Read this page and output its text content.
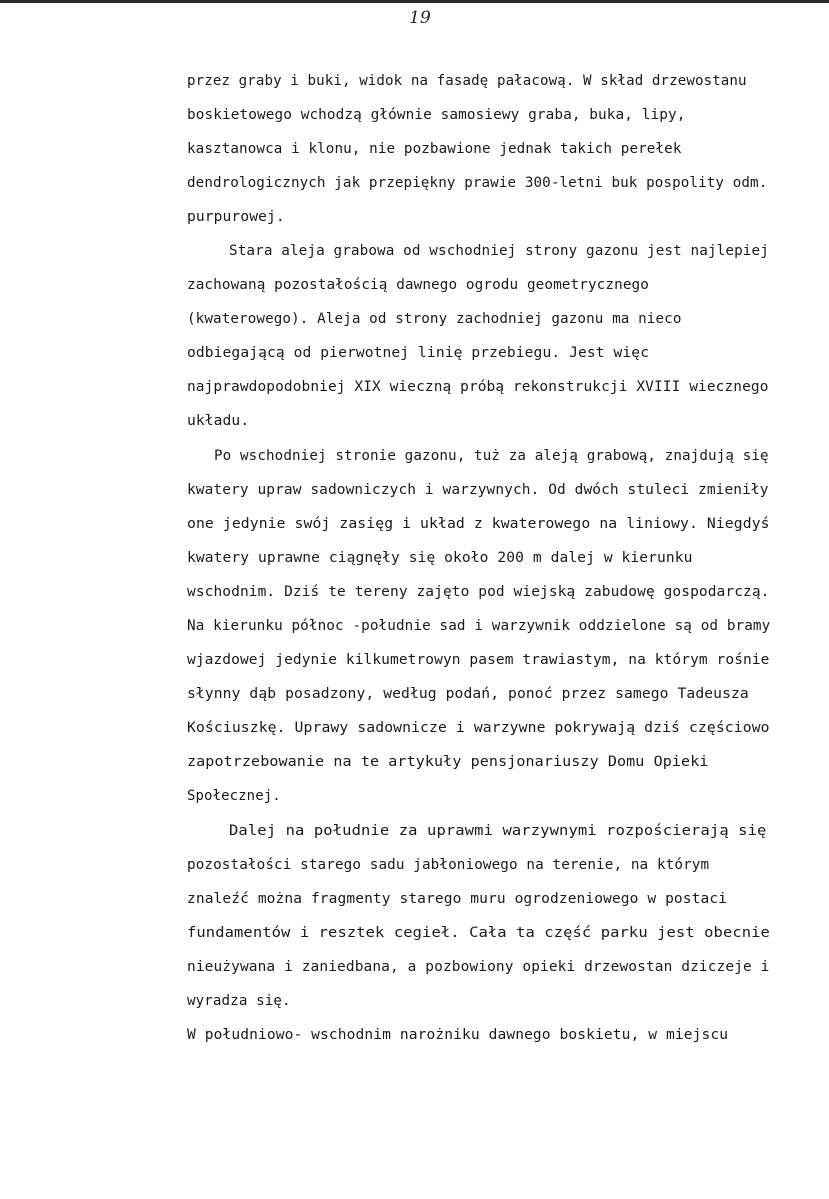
19
przez graby i buki, widok na fasadę pałacową. W skład drzewostanu
boskietowego wchodzą głównie samosiewy graba, buka, lipy,
kasztanowca i klonu, nie pozbawione jednak takich perełek
dendrologicznych jak przepiękny prawie 300-letni buk pospolity odm.
purpurowej.
Stara aleja grabowa od wschodniej strony gazonu jest najlepiej
zachowaną pozostałością dawnego ogrodu geometrycznego
(kwaterowego). Aleja od strony zachodniej gazonu ma nieco
odbiegającą od pierwotnej linię przebiegu. Jest więc
najprawdopodobniej XIX wieczną próbą rekonstrukcji XVIII wiecznego
układu.
Po wschodniej stronie gazonu, tuż za aleją grabową, znajdują się
kwatery upraw sadowniczych i warzywnych. Od dwóch stuleci zmieniły
one jedynie swój zasięg i układ z kwaterowego na liniowy. Niegdyś
kwatery uprawne ciągnęły się około 200 m dalej w kierunku
wschodnim. Dziś te tereny zajęto pod wiejską zabudowę gospodarczą.
Na kierunku północ -południe sad i warzywnik oddzielone są od bramy
wjazdowej jedynie kilkumetrowyn pasem trawiastym, na którym rośnie
słynny dąb posadzony, według podań, ponoć przez samego Tadeusza
Kościuszkę. Uprawy sadownicze i warzywne pokrywają dziś częściowo
zapotrzebowanie na te artykuły pensjonariuszy Domu Opieki
Społecznej.
Dalej na południe za uprawmi warzywnymi rozpościerają się
pozostałości starego sadu jabłoniowego na terenie, na którym
znaleźć można fragmenty starego muru ogrodzeniowego w postaci
fundamentów i resztek cegieł. Cała ta część parku jest obecnie
nieużywana i zaniedbana, a pozbowiony opieki drzewostan dziczeje i
wyradza się.
W południowo- wschodnim narożniku dawnego boskietu, w miejscu
